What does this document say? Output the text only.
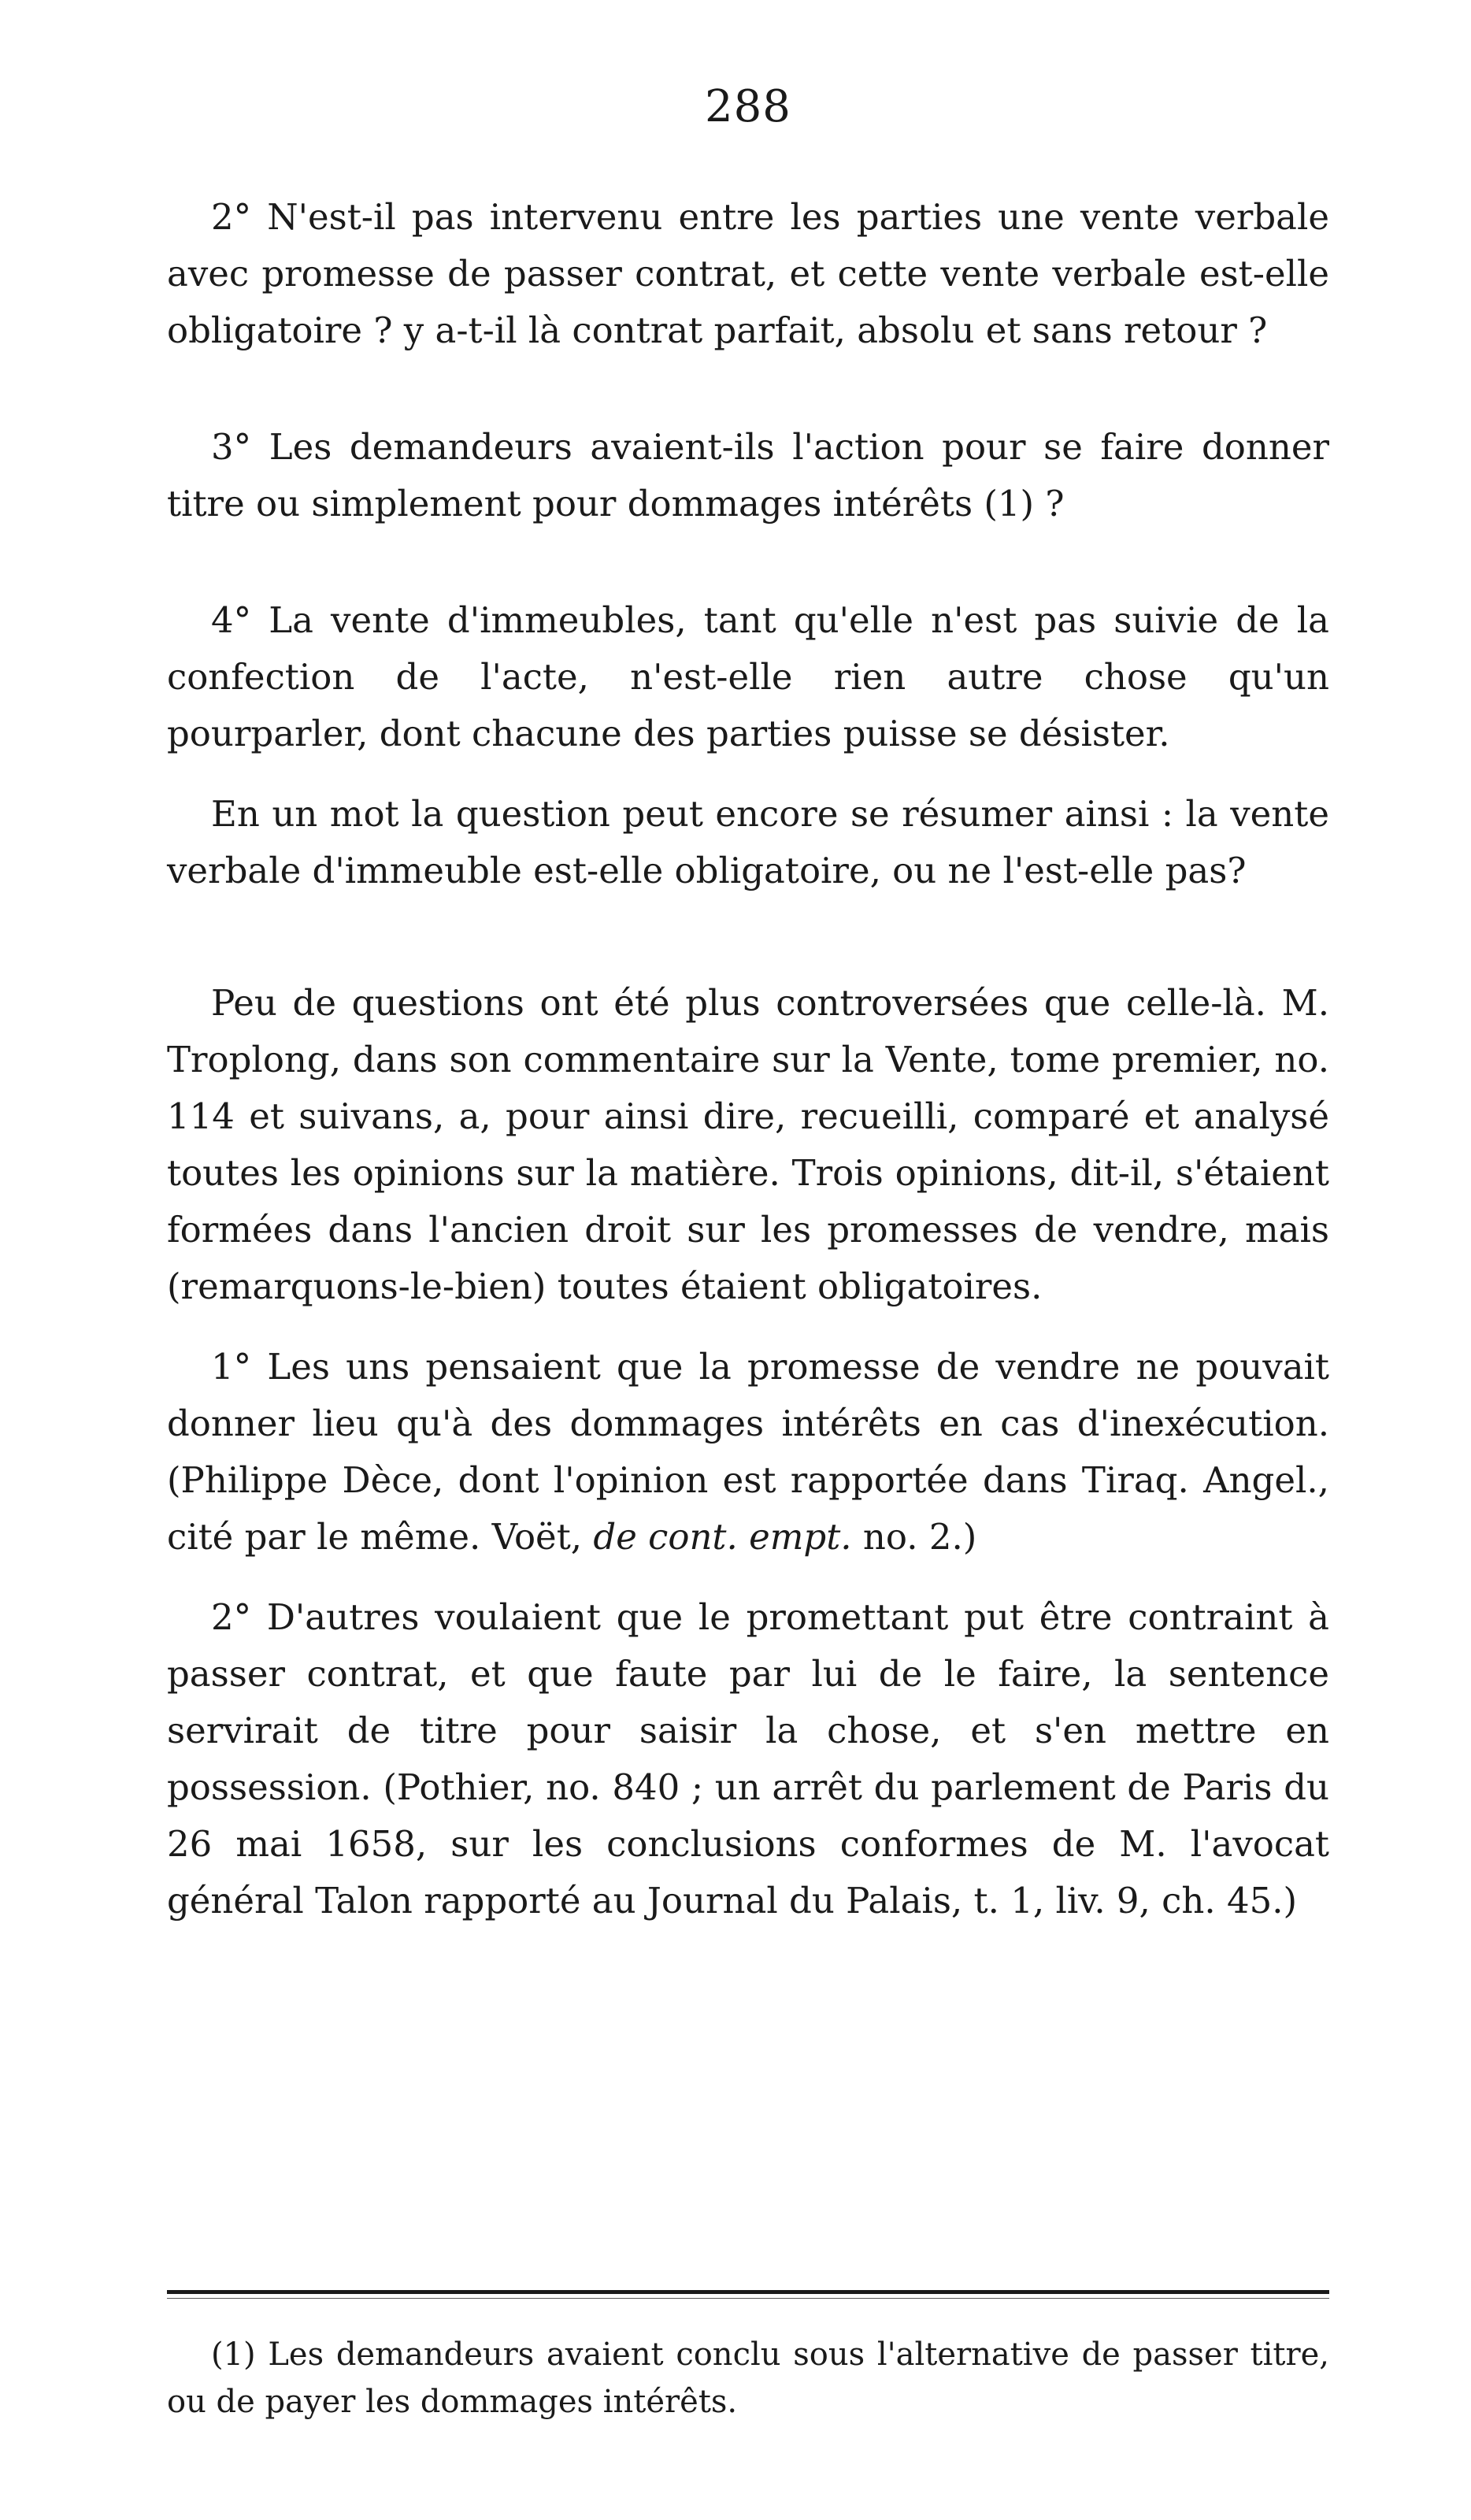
288

2° N'est-il pas intervenu entre les parties une vente verbale avec promesse de passer contrat, et cette vente verbale est-elle obligatoire ? y a-t-il là contrat parfait, absolu et sans retour ?

3° Les demandeurs avaient-ils l'action pour se faire donner titre ou simplement pour dommages intérêts (1) ?

4° La vente d'immeubles, tant qu'elle n'est pas suivie de la confection de l'acte, n'est-elle rien autre chose qu'un pourparler, dont chacune des parties puisse se désister.

En un mot la question peut encore se résumer ainsi : la vente verbale d'immeuble est-elle obligatoire, ou ne l'est-elle pas?

Peu de questions ont été plus controversées que celle-là. M. Troplong, dans son commentaire sur la Vente, tome premier, no. 114 et suivans, a, pour ainsi dire, recueilli, comparé et analysé toutes les opinions sur la matière. Trois opinions, dit-il, s'étaient formées dans l'ancien droit sur les promesses de vendre, mais (remarquons-le-bien) toutes étaient obligatoires.

1° Les uns pensaient que la promesse de vendre ne pouvait donner lieu qu'à des dommages intérêts en cas d'inexécution. (Philippe Dèce, dont l'opinion est rapportée dans Tiraq. Angel., cité par le même. Voët, de cont. empt. no. 2.)

2° D'autres voulaient que le promettant put être contraint à passer contrat, et que faute par lui de le faire, la sentence servirait de titre pour saisir la chose, et s'en mettre en possession. (Pothier, no. 840 ; un arrêt du parlement de Paris du 26 mai 1658, sur les conclusions conformes de M. l'avocat général Talon rapporté au Journal du Palais, t. 1, liv. 9, ch. 45.)

(1) Les demandeurs avaient conclu sous l'alternative de passer titre, ou de payer les dommages intérêts.
